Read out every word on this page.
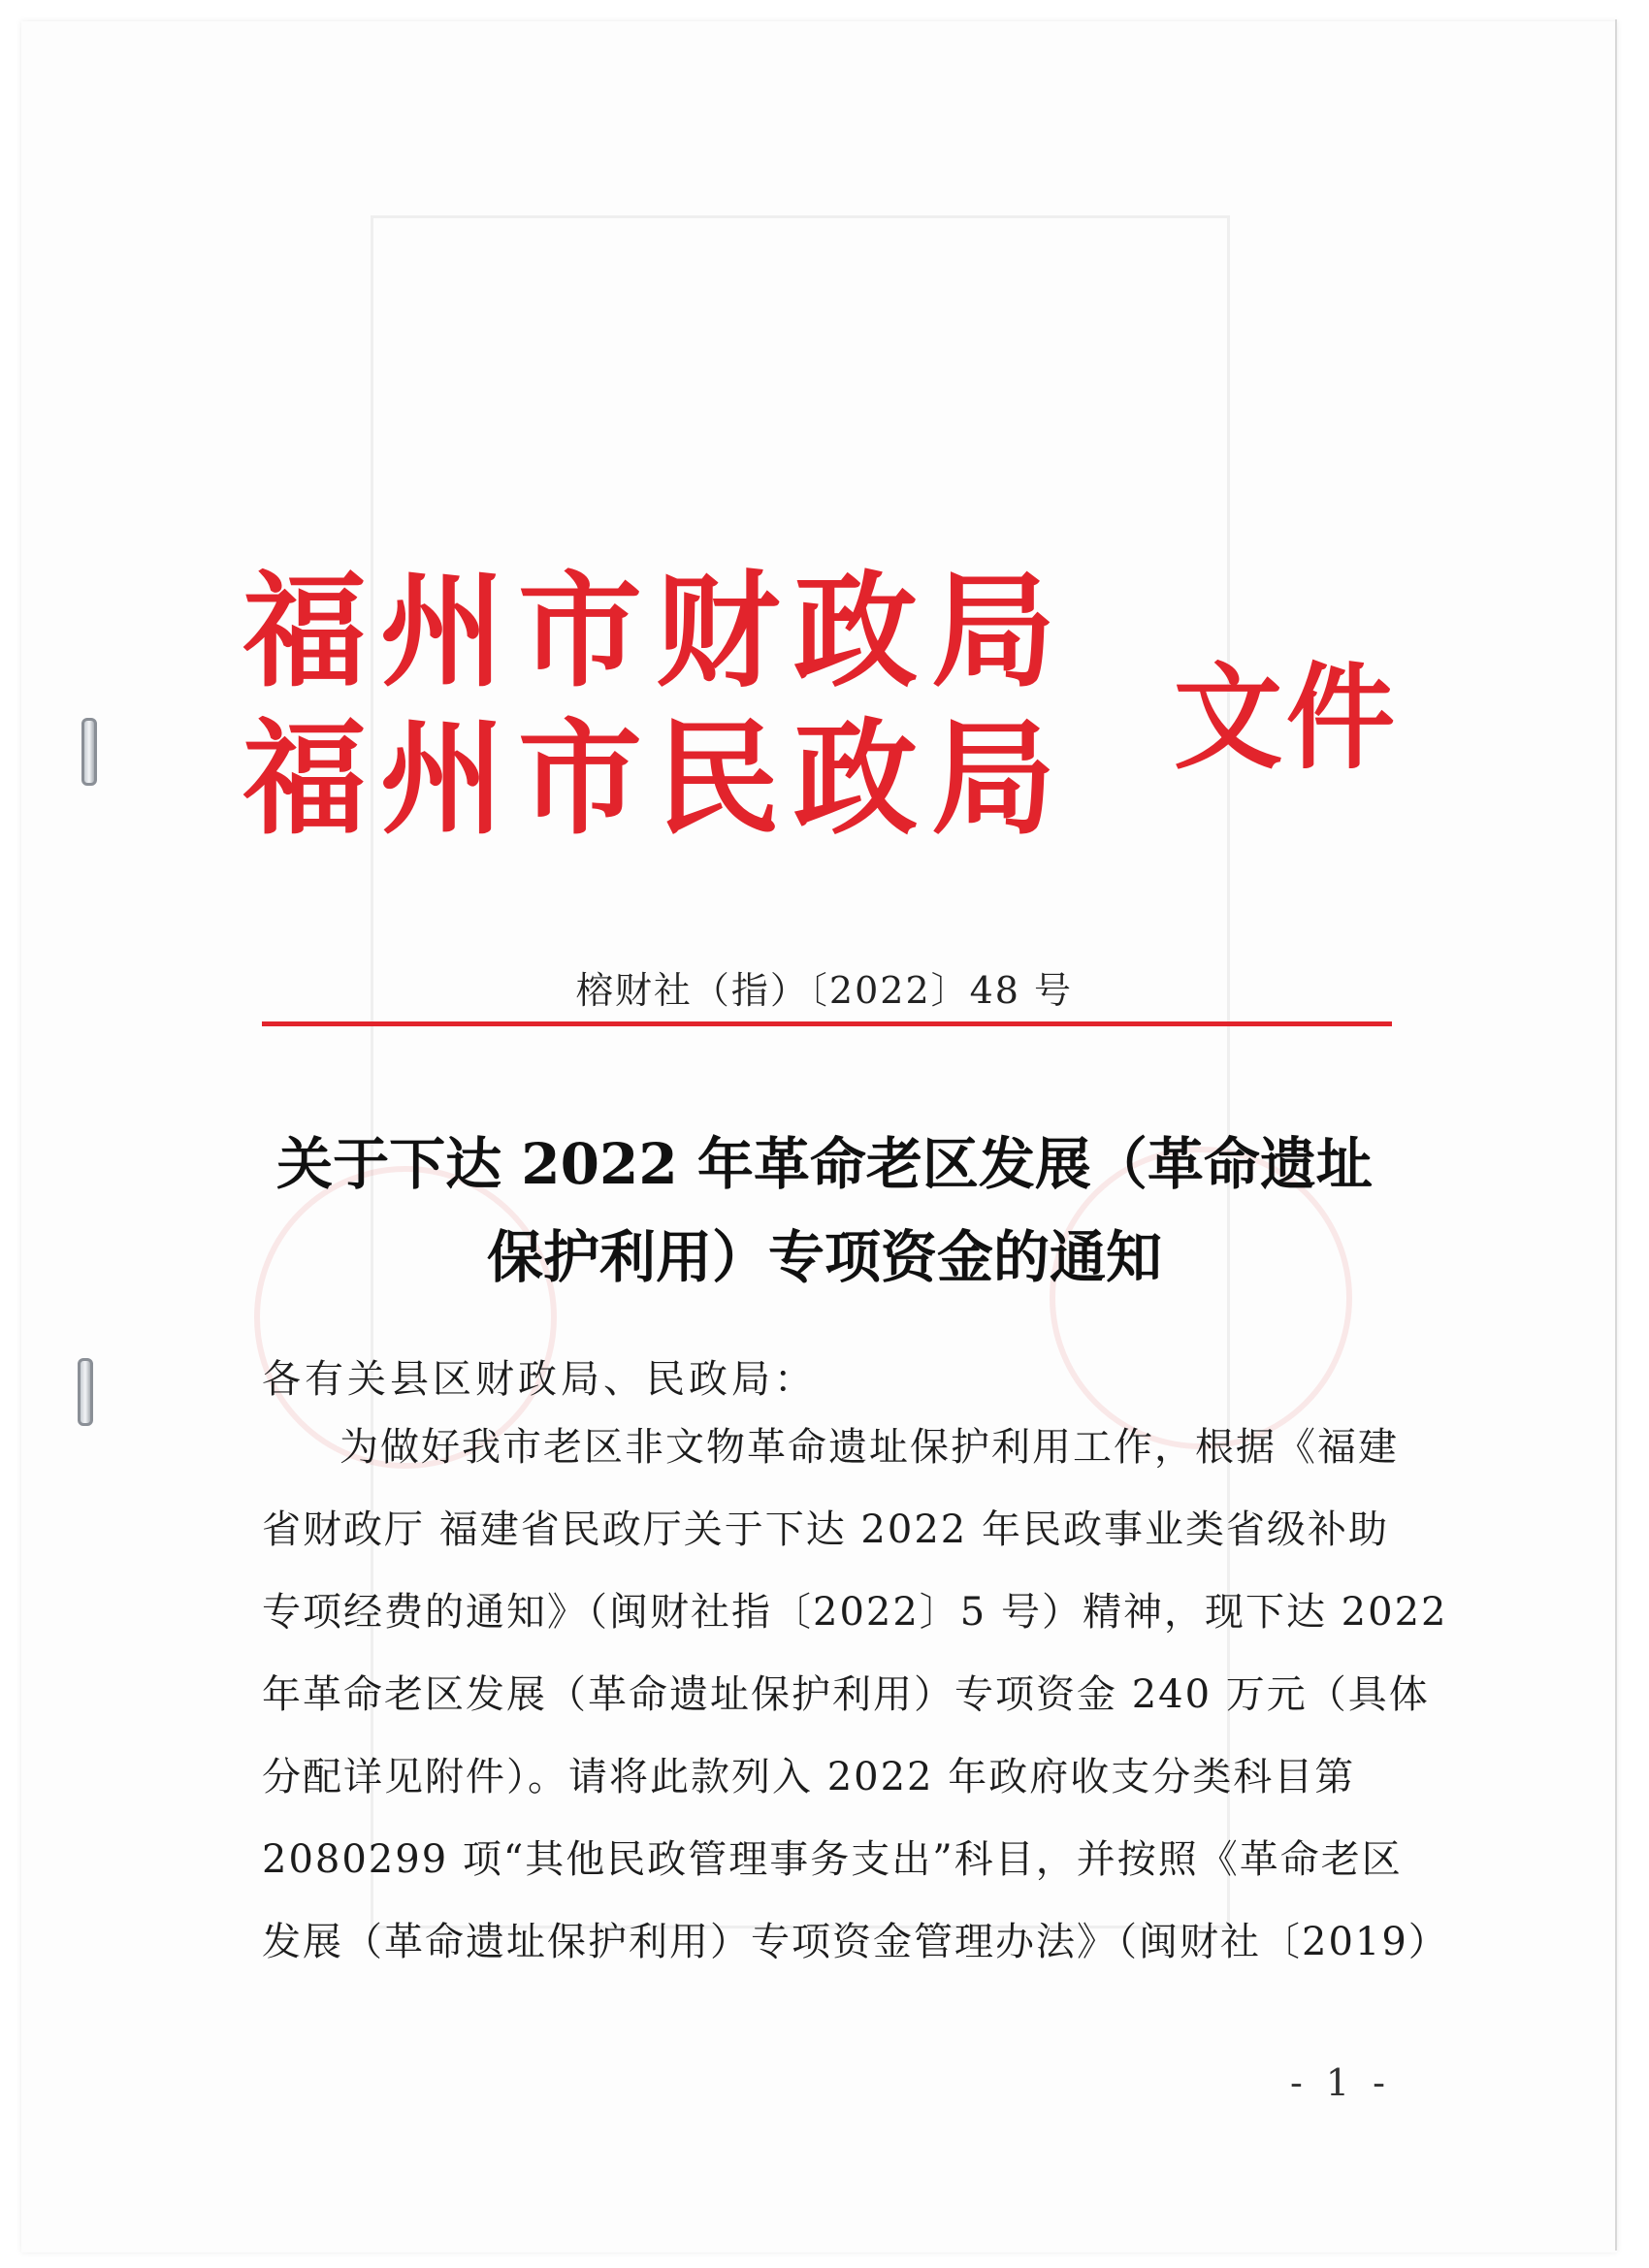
福州市财政局
福州市民政局 文件
榕财社（指）〔2022〕48 号
关于下达 2022 年革命老区发展（革命遗址
保护利用）专项资金的通知
各有关县区财政局、民政局：
为做好我市老区非文物革命遗址保护利用工作，根据《福建
省财政厅 福建省民政厅关于下达 2022 年民政事业类省级补助
专项经费的通知》（闽财社指〔2022〕5 号）精神，现下达 2022
年革命老区发展（革命遗址保护利用）专项资金 240 万元（具体
分配详见附件）。请将此款列入 2022 年政府收支分类科目第
2080299 项“其他民政管理事务支出”科目，并按照《革命老区
发展（革命遗址保护利用）专项资金管理办法》（闽财社〔2019）
- 1 -
